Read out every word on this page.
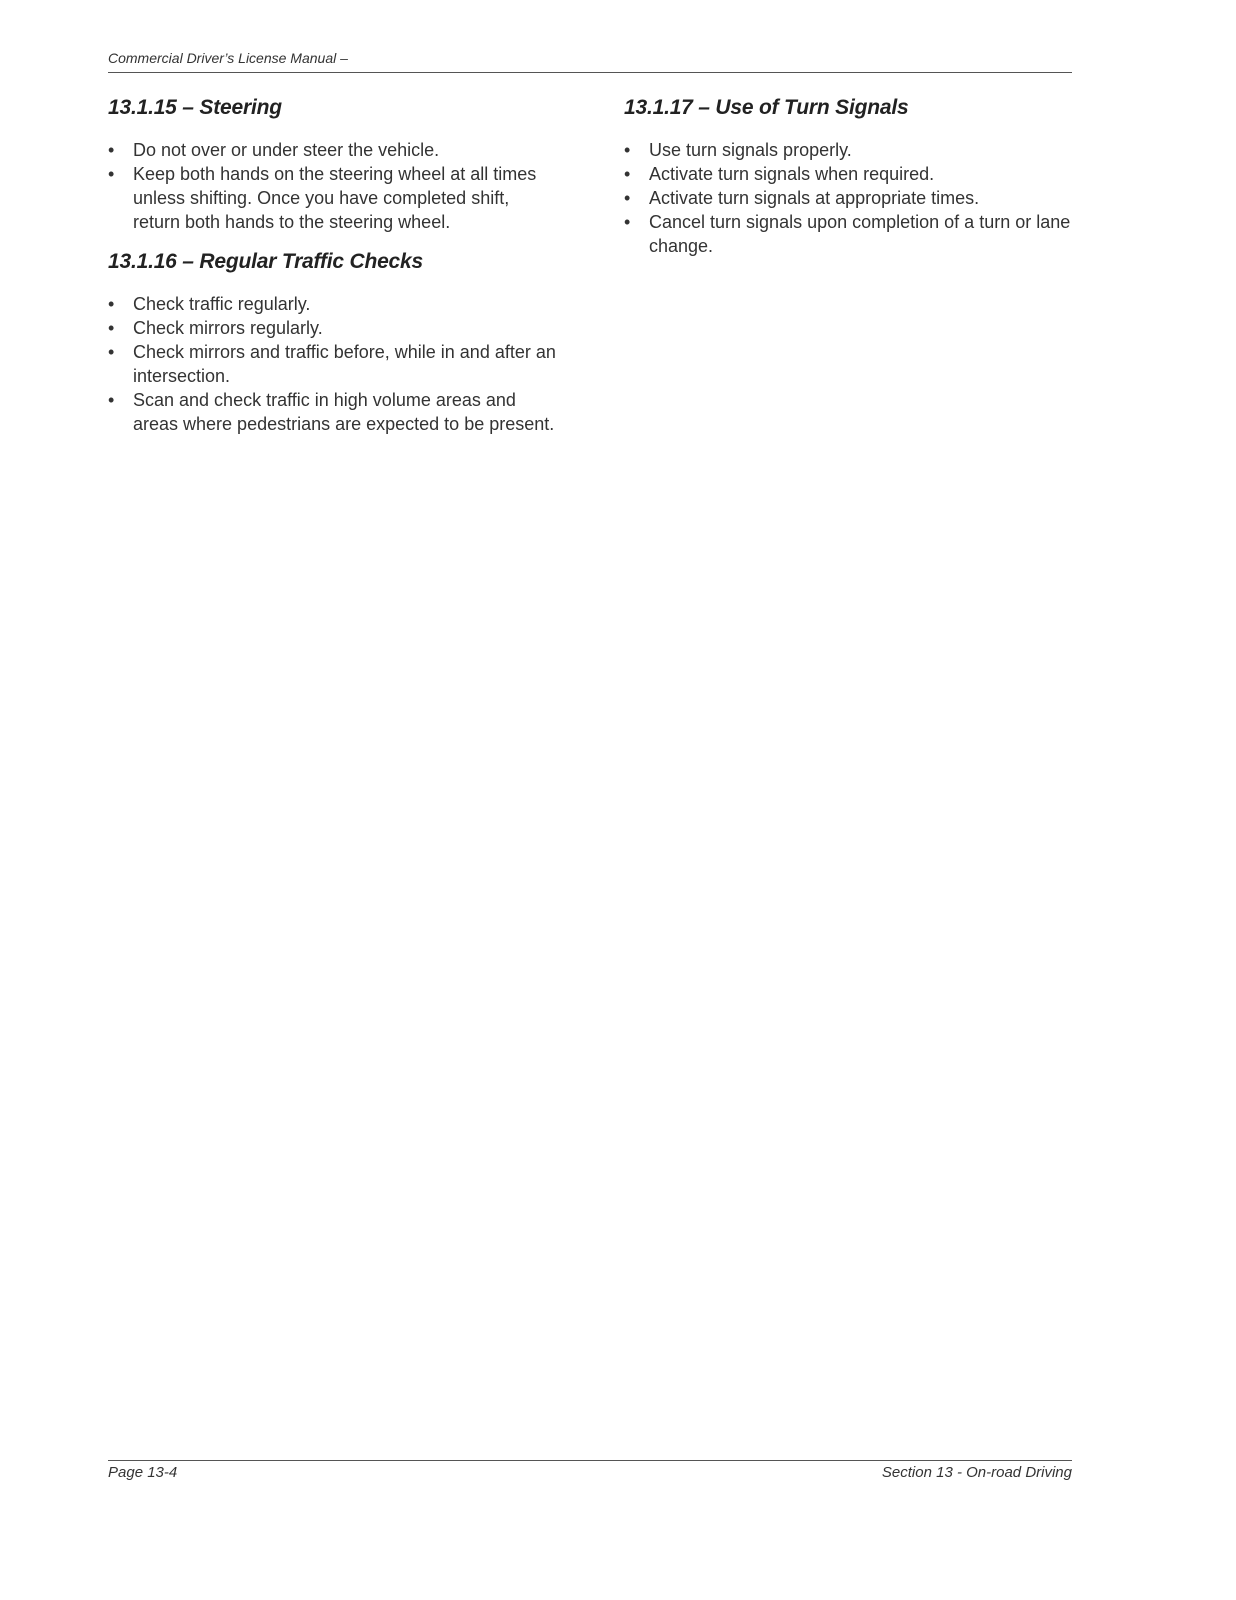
Commercial Driver’s License Manual –
13.1.15 – Steering
• Do not over or under steer the vehicle.
• Keep both hands on the steering wheel at all times unless shifting. Once you have completed shift, return both hands to the steering wheel.
13.1.16 – Regular Traffic Checks
• Check traffic regularly.
• Check mirrors regularly.
• Check mirrors and traffic before, while in and after an intersection.
• Scan and check traffic in high volume areas and areas where pedestrians are expected to be present.
13.1.17 – Use of Turn Signals
• Use turn signals properly.
• Activate turn signals when required.
• Activate turn signals at appropriate times.
• Cancel turn signals upon completion of a turn or lane change.
Page 13-4	Section 13 - On-road Driving
